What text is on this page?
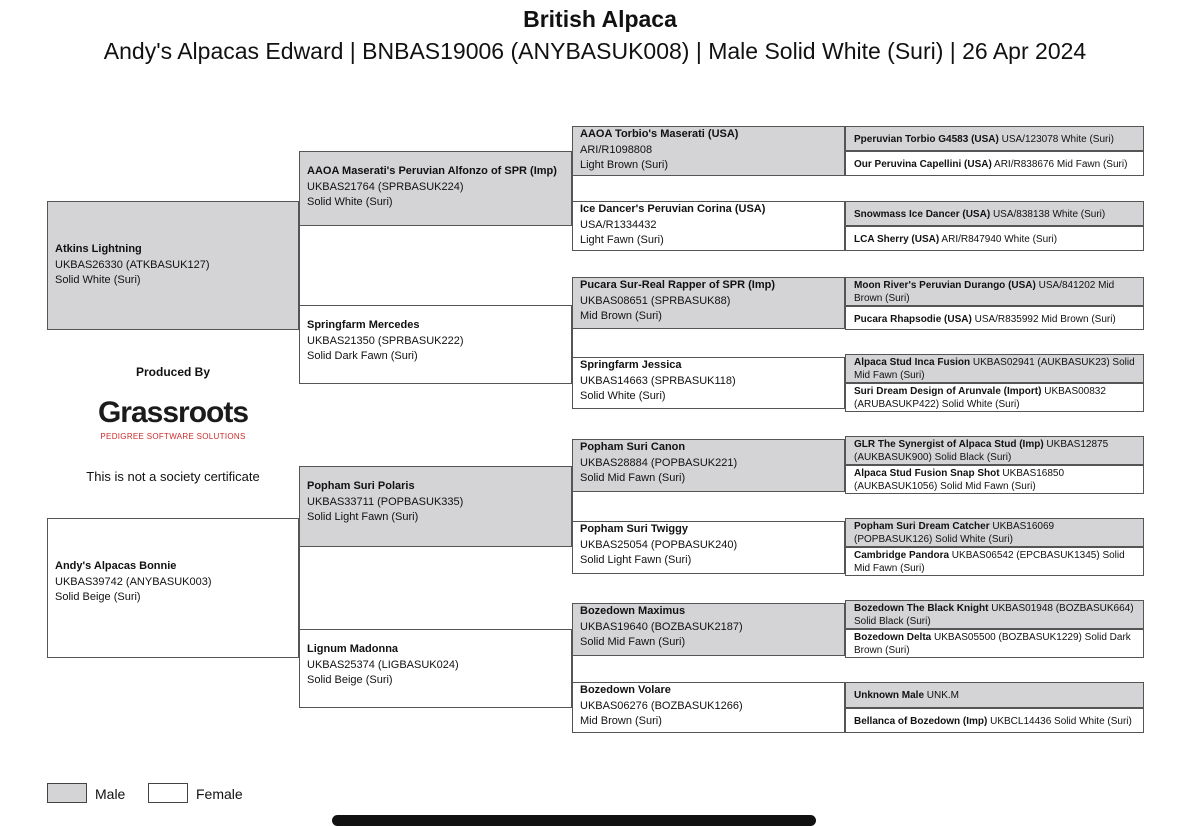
British Alpaca
Andy's Alpacas Edward | BNBAS19006 (ANYBASUK008) | Male Solid White (Suri) | 26 Apr 2024
Atkins Lightning
UKBAS26330 (ATKBASUK127)
Solid White (Suri)
Andy's Alpacas Bonnie
UKBAS39742 (ANYBASUK003)
Solid Beige (Suri)
AAOA Maserati's Peruvian Alfonzo of SPR (Imp)
UKBAS21764 (SPRBASUK224)
Solid White (Suri)
Springfarm Mercedes
UKBAS21350 (SPRBASUK222)
Solid Dark Fawn (Suri)
Popham Suri Polaris
UKBAS33711 (POPBASUK335)
Solid Light Fawn (Suri)
Lignum Madonna
UKBAS25374 (LIGBASUK024)
Solid Beige (Suri)
AAOA Torbio's Maserati (USA)
ARI/R1098808
Light Brown (Suri)
Ice Dancer's Peruvian Corina (USA)
USA/R1334432
Light Fawn (Suri)
Pucara Sur-Real Rapper of SPR (Imp)
UKBAS08651 (SPRBASUK88)
Mid Brown (Suri)
Springfarm Jessica
UKBAS14663 (SPRBASUK118)
Solid White (Suri)
Popham Suri Canon
UKBAS28884 (POPBASUK221)
Solid Mid Fawn (Suri)
Popham Suri Twiggy
UKBAS25054 (POPBASUK240)
Solid Light Fawn (Suri)
Bozedown Maximus
UKBAS19640 (BOZBASUK2187)
Solid Mid Fawn (Suri)
Bozedown Volare
UKBAS06276 (BOZBASUK1266)
Mid Brown (Suri)
Pperuvian Torbio G4583 (USA) USA/123078 White (Suri)
Our Peruvina Capellini (USA) ARI/R838676 Mid Fawn (Suri)
Snowmass Ice Dancer (USA) USA/838138 White (Suri)
LCA Sherry (USA) ARI/R847940 White (Suri)
Moon River's Peruvian Durango (USA) USA/841202 Mid Brown (Suri)
Pucara Rhapsodie (USA) USA/R835992 Mid Brown (Suri)
Alpaca Stud Inca Fusion UKBAS02941 (AUKBASUK23) Solid Mid Fawn (Suri)
Suri Dream Design of Arunvale (Import) UKBAS00832 (ARUBASUKP422) Solid White (Suri)
GLR The Synergist of Alpaca Stud (Imp) UKBAS12875 (AUKBASUK900) Solid Black (Suri)
Alpaca Stud Fusion Snap Shot UKBAS16850 (AUKBASUK1056) Solid Mid Fawn (Suri)
Popham Suri Dream Catcher UKBAS16069 (POPBASUK126) Solid White (Suri)
Cambridge Pandora UKBAS06542 (EPCBASUK1345) Solid Mid Fawn (Suri)
Bozedown The Black Knight UKBAS01948 (BOZBASUK664) Solid Black (Suri)
Bozedown Delta UKBAS05500 (BOZBASUK1229) Solid Dark Brown (Suri)
Unknown Male UNK.M
Bellanca of Bozedown (Imp) UKBCL14436 Solid White (Suri)
Produced By
Grassroots
PEDIGREE SOFTWARE SOLUTIONS
This is not a society certificate
Male	Female
